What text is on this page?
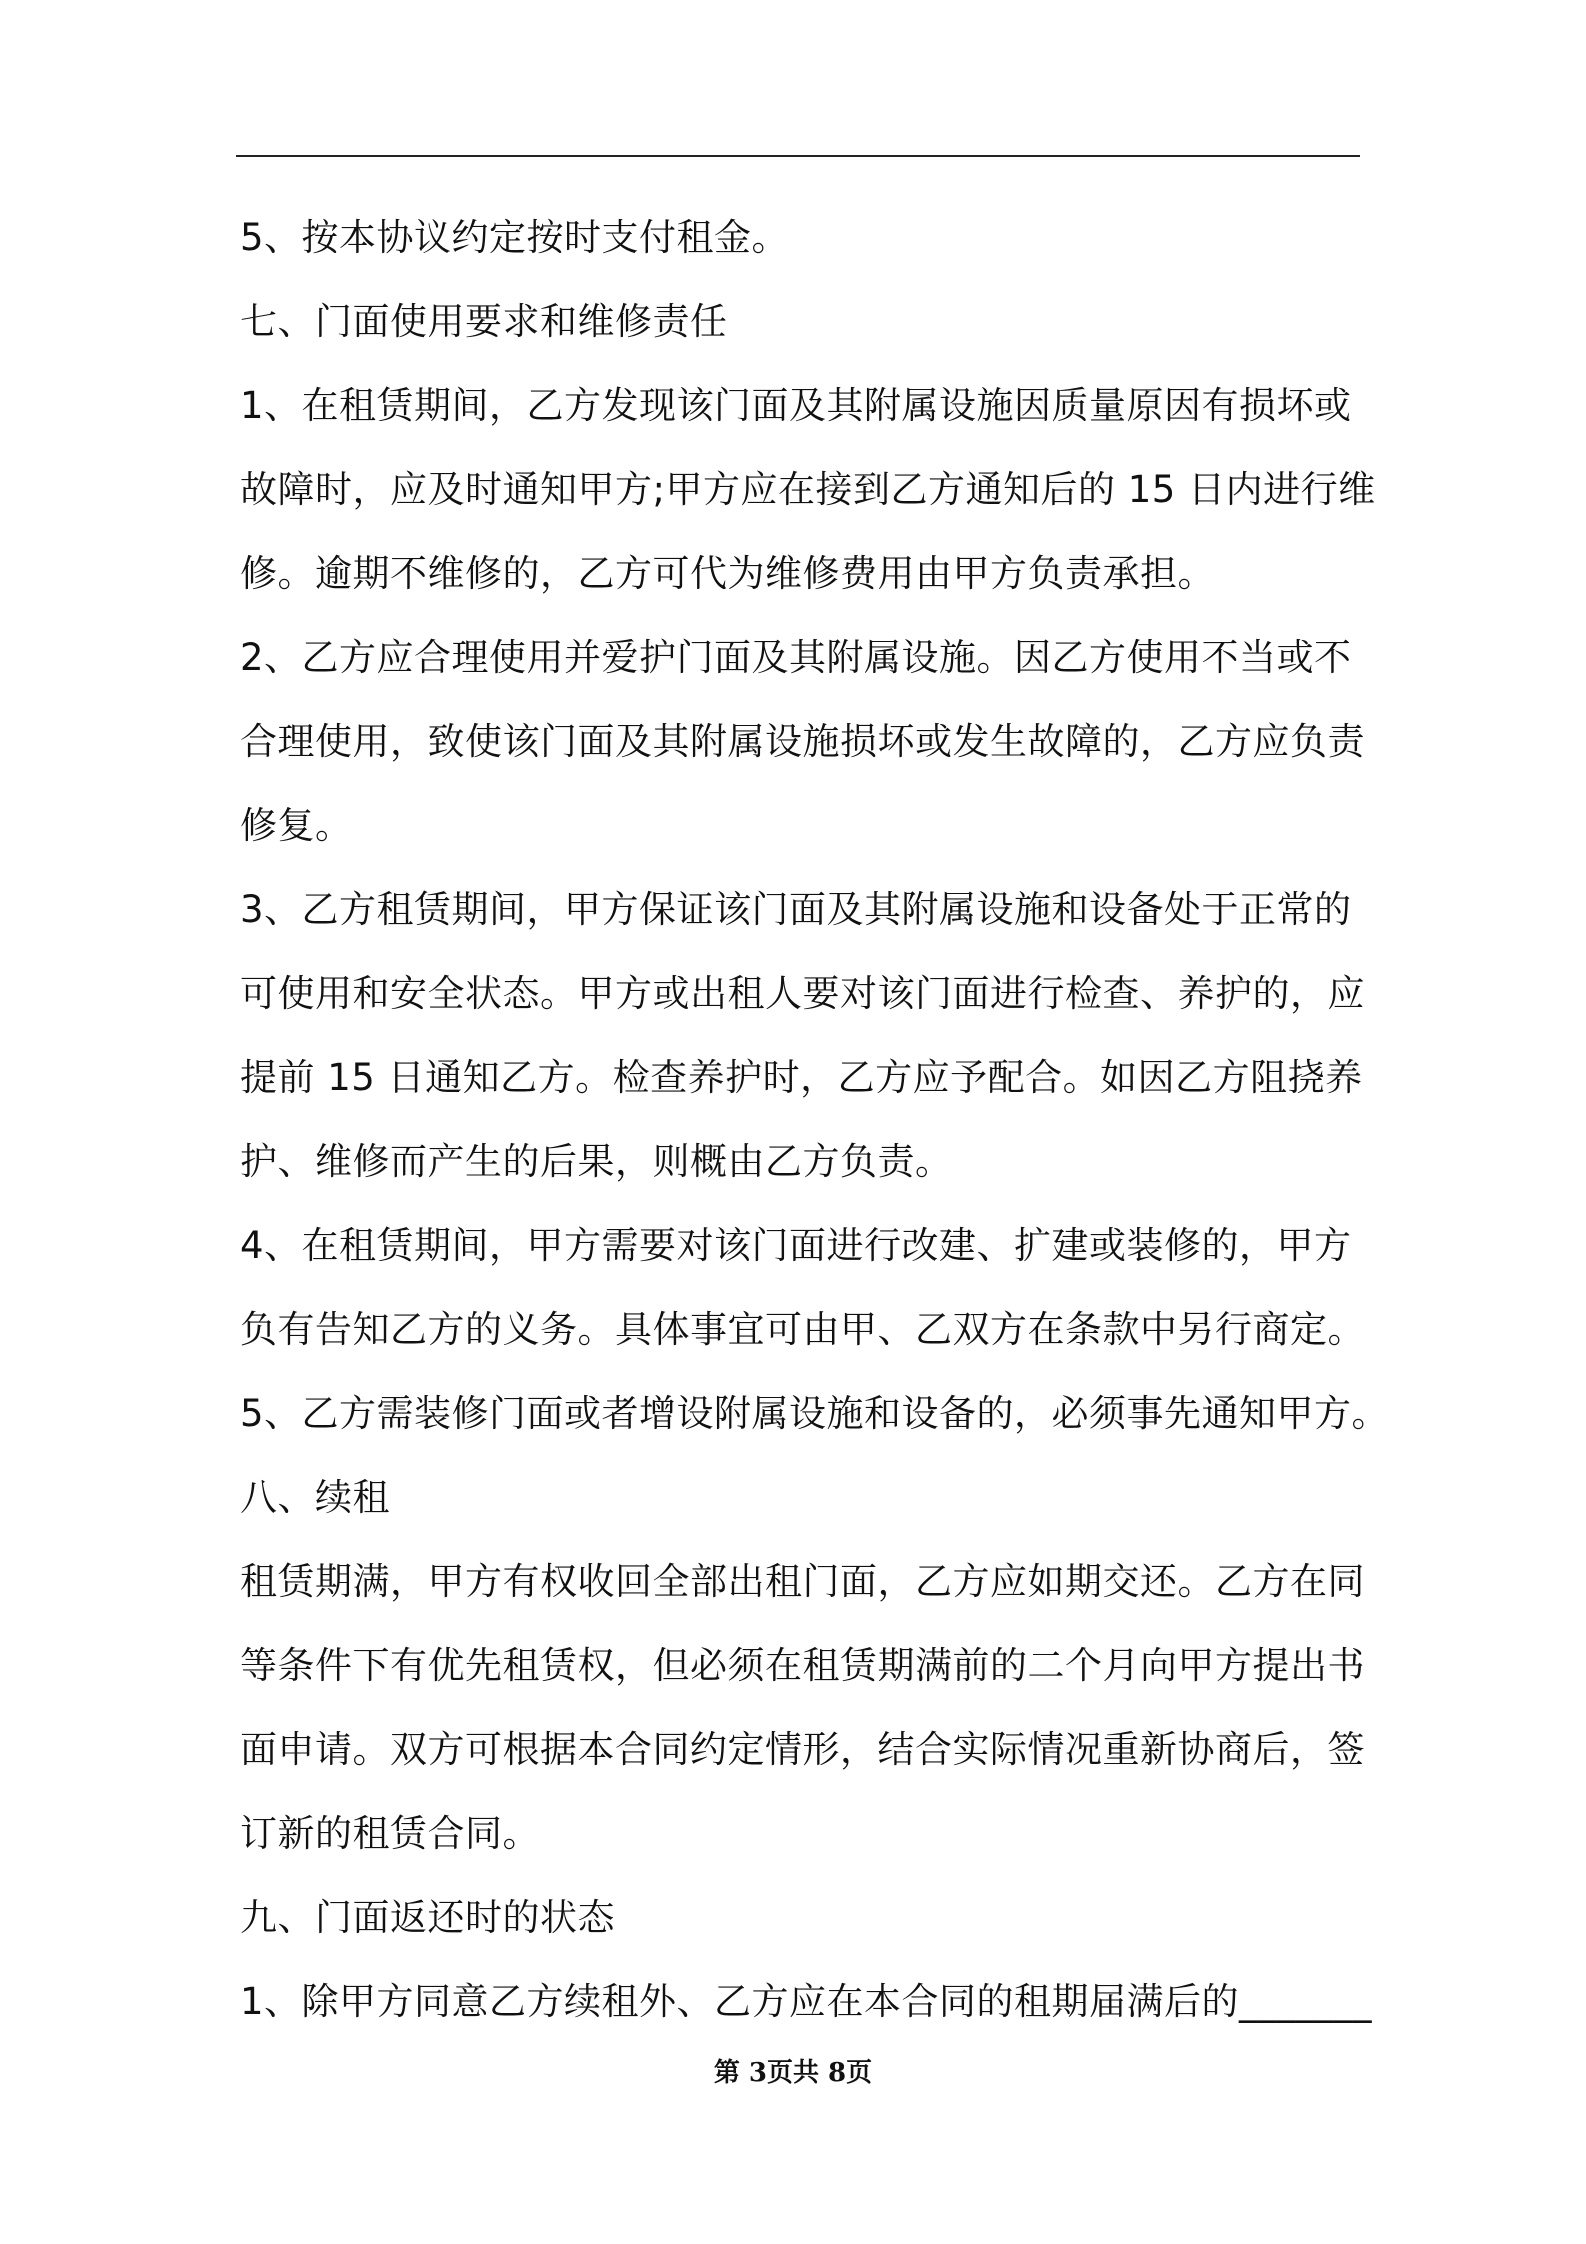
5、按本协议约定按时支付租金。
七、门面使用要求和维修责任
1、在租赁期间，乙方发现该门面及其附属设施因质量原因有损坏或
故障时，应及时通知甲方;甲方应在接到乙方通知后的 15 日内进行维
修。逾期不维修的，乙方可代为维修费用由甲方负责承担。
2、乙方应合理使用并爱护门面及其附属设施。因乙方使用不当或不
合理使用，致使该门面及其附属设施损坏或发生故障的，乙方应负责
修复。
3、乙方租赁期间，甲方保证该门面及其附属设施和设备处于正常的
可使用和安全状态。甲方或出租人要对该门面进行检查、养护的，应
提前 15 日通知乙方。检查养护时，乙方应予配合。如因乙方阻挠养
护、维修而产生的后果，则概由乙方负责。
4、在租赁期间，甲方需要对该门面进行改建、扩建或装修的，甲方
负有告知乙方的义务。具体事宜可由甲、乙双方在条款中另行商定。
5、乙方需装修门面或者增设附属设施和设备的，必须事先通知甲方。
八、续租
租赁期满，甲方有权收回全部出租门面，乙方应如期交还。乙方在同
等条件下有优先租赁权，但必须在租赁期满前的二个月向甲方提出书
面申请。双方可根据本合同约定情形，结合实际情况重新协商后，签
订新的租赁合同。
九、门面返还时的状态
1、除甲方同意乙方续租外、乙方应在本合同的租期届满后的_______
第 3页共 8页
